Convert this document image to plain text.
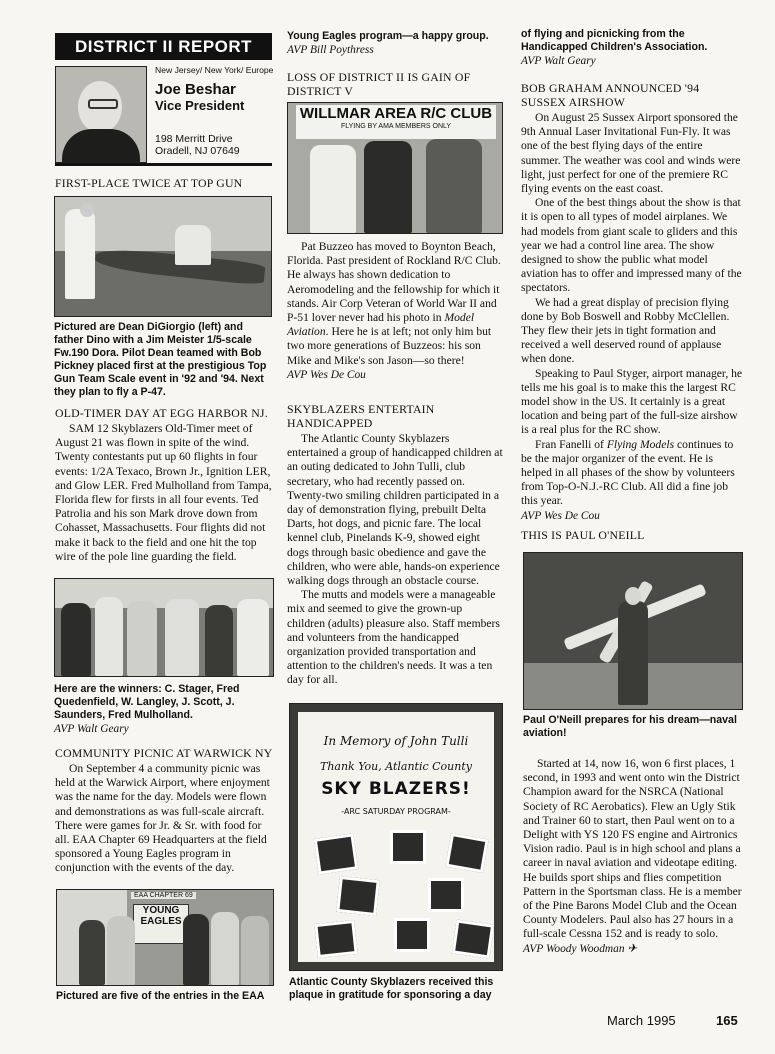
DISTRICT II REPORT
New Jersey/ New York/ Europe
Joe Beshar
Vice President
198 Merritt Drive
Oradell, NJ 07649
FIRST-PLACE TWICE AT TOP GUN
Pictured are Dean DiGiorgio (left) and father Dino with a Jim Meister 1/5-scale Fw.190 Dora. Pilot Dean teamed with Bob Pickney placed first at the prestigious Top Gun Team Scale event in '92 and '94. Next they plan to fly a P-47.
OLD-TIMER DAY AT EGG HARBOR NJ.

SAM 12 Skyblazers Old-Timer meet of August 21 was flown in spite of the wind. Twenty contestants put up 60 flights in four events: 1/2A Texaco, Brown Jr., Ignition LER, and Glow LER. Fred Mulholland from Tampa, Florida flew for firsts in all four events. Ted Patrolia and his son Mark drove down from Cohasset, Massachusetts. Four flights did not make it back to the field and one hit the top wire of the pole line guarding the field.

Here are the winners: C. Stager, Fred Quedenfield, W. Langley, J. Scott, J. Saunders, Fred Mulholland.
AVP Walt Geary
COMMUNITY PICNIC AT WARWICK NY

On September 4 a community picnic was held at the Warwick Airport, where enjoyment was the name for the day. Models were flown and demonstrations as was full-scale aircraft. There were games for Jr. & Sr. with food for all. EAA Chapter 69 Headquarters at the field sponsored a Young Eagles program in conjunction with the events of the day.

EAA CHAPTER 69
YOUNG
EAGLES
Pictured are five of the entries in the EAA
Young Eagles program—a happy group.
AVP Bill Poythress
LOSS OF DISTRICT II IS GAIN OF DISTRICT V
WILLMAR AREA R/C CLUB
FLYING BY AMA MEMBERS ONLY

Pat Buzzeo has moved to Boynton Beach, Florida. Past president of Rockland R/C Club. He always has shown dedication to Aeromodeling and the fellowship for which it stands. Air Corp Veteran of World War II and P-51 lover never had his photo in Model Aviation. Here he is at left; not only him but two more generations of Buzzeos: his son Mike and Mike's son Jason—so there!

AVP Wes De Cou
SKYBLAZERS ENTERTAIN HANDICAPPED

The Atlantic County Skyblazers entertained a group of handicapped children at an outing dedicated to John Tulli, club secretary, who had recently passed on. Twenty-two smiling children participated in a day of demonstration flying, prebuilt Delta Darts, hot dogs, and picnic fare. The local kennel club, Pinelands K-9, showed eight dogs through basic obedience and gave the children, who were able, hands-on experience walking dogs through an obstacle course.

The mutts and models were a manageable mix and seemed to give the grown-up children (adults) pleasure also. Staff members and volunteers from the handicapped organization provided transportation and attention to the children's needs. It was a ten day for all.

In Memory of John Tulli
Thank You, Atlantic County
SKY BLAZERS!
-ARC SATURDAY PROGRAM-
Atlantic County Skyblazers received this plaque in gratitude for sponsoring a day
of flying and picnicking from the Handicapped Children's Association.
AVP Walt Geary
BOB GRAHAM ANNOUNCED '94 SUSSEX AIRSHOW

On August 25 Sussex Airport sponsored the 9th Annual Laser Invitational Fun-Fly. It was one of the best flying days of the entire summer. The weather was cool and winds were light, just perfect for one of the premiere RC flying events on the east coast.

One of the best things about the show is that it is open to all types of model airplanes. We had models from giant scale to gliders and this year we had a control line area. The show designed to show the public what model aviation has to offer and impressed many of the spectators.

We had a great display of precision flying done by Bob Boswell and Robby McClellen. They flew their jets in tight formation and received a well deserved round of applause when done.

Speaking to Paul Styger, airport manager, he tells me his goal is to make this the largest RC model show in the US. It certainly is a great location and being part of the full-size airshow is a real plus for the RC show.

Fran Fanelli of Flying Models continues to be the major organizer of the event. He is helped in all phases of the show by volunteers from Top-O-N.J.-RC Club. All did a fine job this year.

AVP Wes De Cou
THIS IS PAUL O'NEILL
Paul O'Neill prepares for his dream—naval aviation!

Started at 14, now 16, won 6 first places, 1 second, in 1993 and went onto win the District Champion award for the NSRCA (National Society of RC Aerobatics). Flew an Ugly Stik and Trainer 60 to start, then Paul went on to a Delight with YS 120 FS engine and Airtronics Vision radio. Paul is in high school and plans a career in naval aviation and videotape editing. He builds sport ships and flies competition Pattern in the Sportsman class. He is a member of the Pine Barons Model Club and the Ocean County Modelers. Paul also has 27 hours in a full-scale Cessna 152 and is ready to solo.

AVP Woody Woodman ✈
March 1995	165
